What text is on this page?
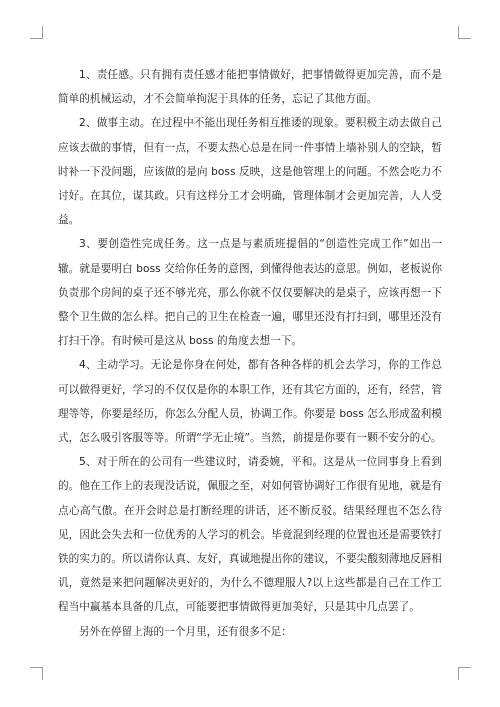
1、责任感。只有拥有责任感才能把事情做好，把事情做得更加完善，而不是简单的机械运动，才不会简单拘泥于具体的任务，忘记了其他方面。

2、做事主动。在过程中不能出现任务相互推诿的现象。要积极主动去做自己应该去做的事情，但有一点，不要太热心总是在同一件事情上墙补别人的空缺，暂时补一下没问题，应该做的是向 boss 反映，这是他管理上的问题。不然会吃力不讨好。在其位，谋其政。只有这样分工才会明确，管理体制才会更加完善，人人受益。

3、要创造性完成任务。这一点是与素质班提倡的“创造性完成工作”如出一辙。就是要明白 boss 交给你任务的意图，到懂得他表达的意思。例如，老板说你负责那个房间的桌子还不够光亮，那么你就不仅仅要解决的是桌子，应该再想一下整个卫生做的怎么样。把自己的卫生在检查一遍，哪里还没有打扫到，哪里还没有打扫干净。有时候可是这从 boss 的角度去想一下。

4、主动学习。无论是你身在何处，都有各种各样的机会去学习，你的工作总可以做得更好，学习的不仅仅是你的本职工作，还有其它方面的，还有，经营，管理等等，你要是经历，你怎么分配人员，协调工作。你要是 boss 怎么形成盈利模式，怎么吸引客服等等。所谓“学无止境”。当然，前提是你要有一颗不安分的心。

5、对于所在的公司有一些建议时，请委婉，平和。这是从一位同事身上看到的。他在工作上的表现没话说，佩服之至，对如何管协调好工作很有见地，就是有点心高气傲。在开会时总是打断经理的讲话，还不断反驳。结果经理也不怎么待见，因此会失去和一位优秀的人学习的机会。毕竟混到经理的位置也还是需要铁打铁的实力的。所以请你认真、友好，真诚地提出你的建议，不要尖酸刻薄地反唇相讥，竟然是来把问题解决更好的，为什么不德理服人?以上这些都是自己在工作工程当中赢基本具备的几点，可能要把事情做得更加美好，只是其中几点罢了。

另外在停留上海的一个月里，还有很多不足：
